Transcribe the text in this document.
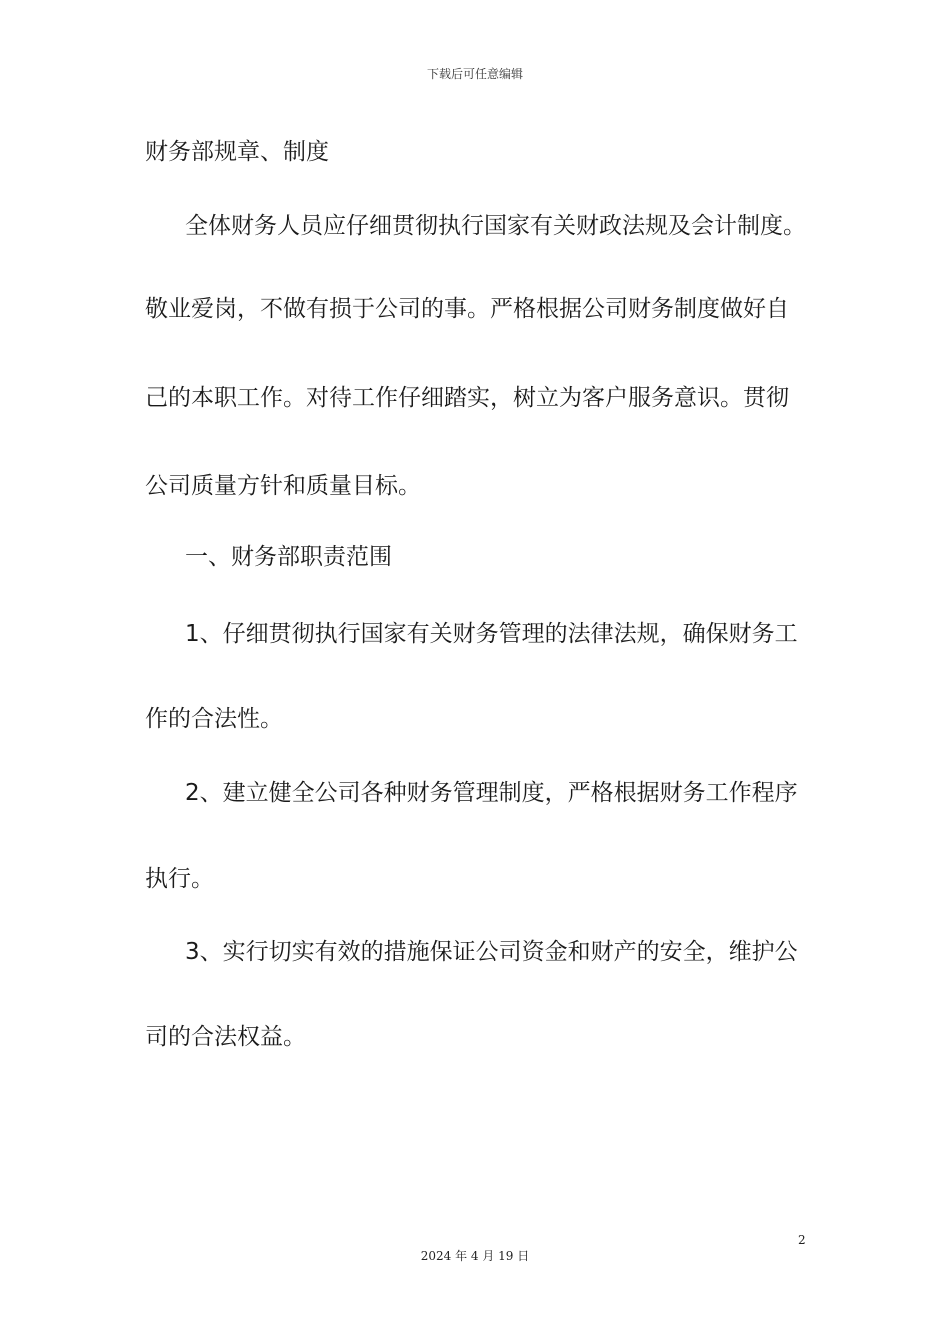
下载后可任意编辑
财务部规章、制度
全体财务人员应仔细贯彻执行国家有关财政法规及会计制度。
敬业爱岗，不做有损于公司的事。严格根据公司财务制度做好自
己的本职工作。对待工作仔细踏实，树立为客户服务意识。贯彻
公司质量方针和质量目标。
一、财务部职责范围
1、仔细贯彻执行国家有关财务管理的法律法规，确保财务工
作的合法性。
2、建立健全公司各种财务管理制度，严格根据财务工作程序
执行。
3、实行切实有效的措施保证公司资金和财产的安全，维护公
司的合法权益。
2
2024 年 4 月 19 日
